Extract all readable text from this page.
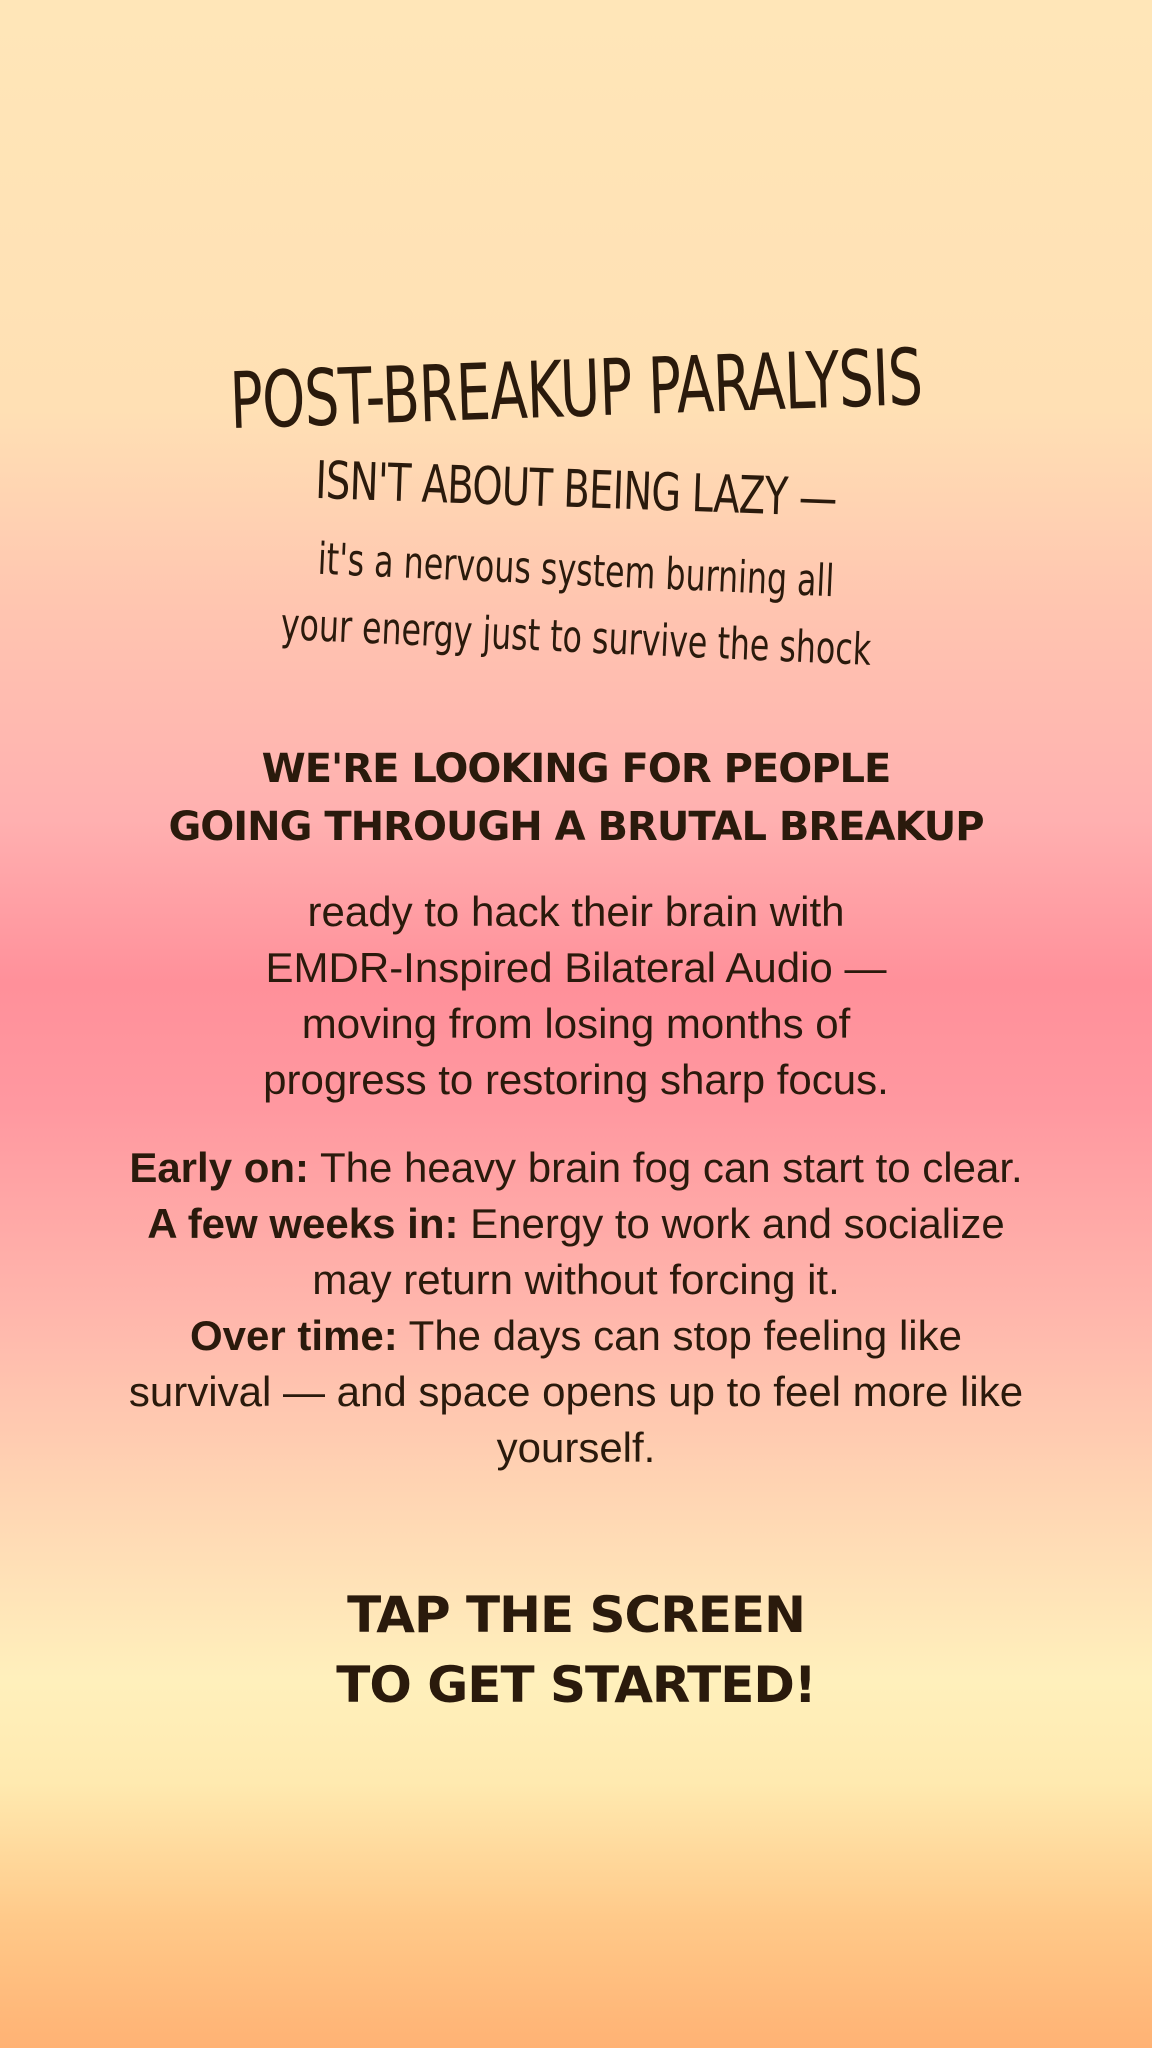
POST-BREAKUP PARALYSIS
ISN'T ABOUT BEING LAZY —
it's a nervous system burning all
your energy just to survive the shock
WE'RE LOOKING FOR PEOPLE
GOING THROUGH A BRUTAL BREAKUP
ready to hack their brain with
EMDR-Inspired Bilateral Audio —
moving from losing months of
progress to restoring sharp focus.
Early on: The heavy brain fog can start to clear.
A few weeks in: Energy to work and socialize may return without forcing it.
Over time: The days can stop feeling like survival — and space opens up to feel more like yourself.
TAP THE SCREEN
TO GET STARTED!
